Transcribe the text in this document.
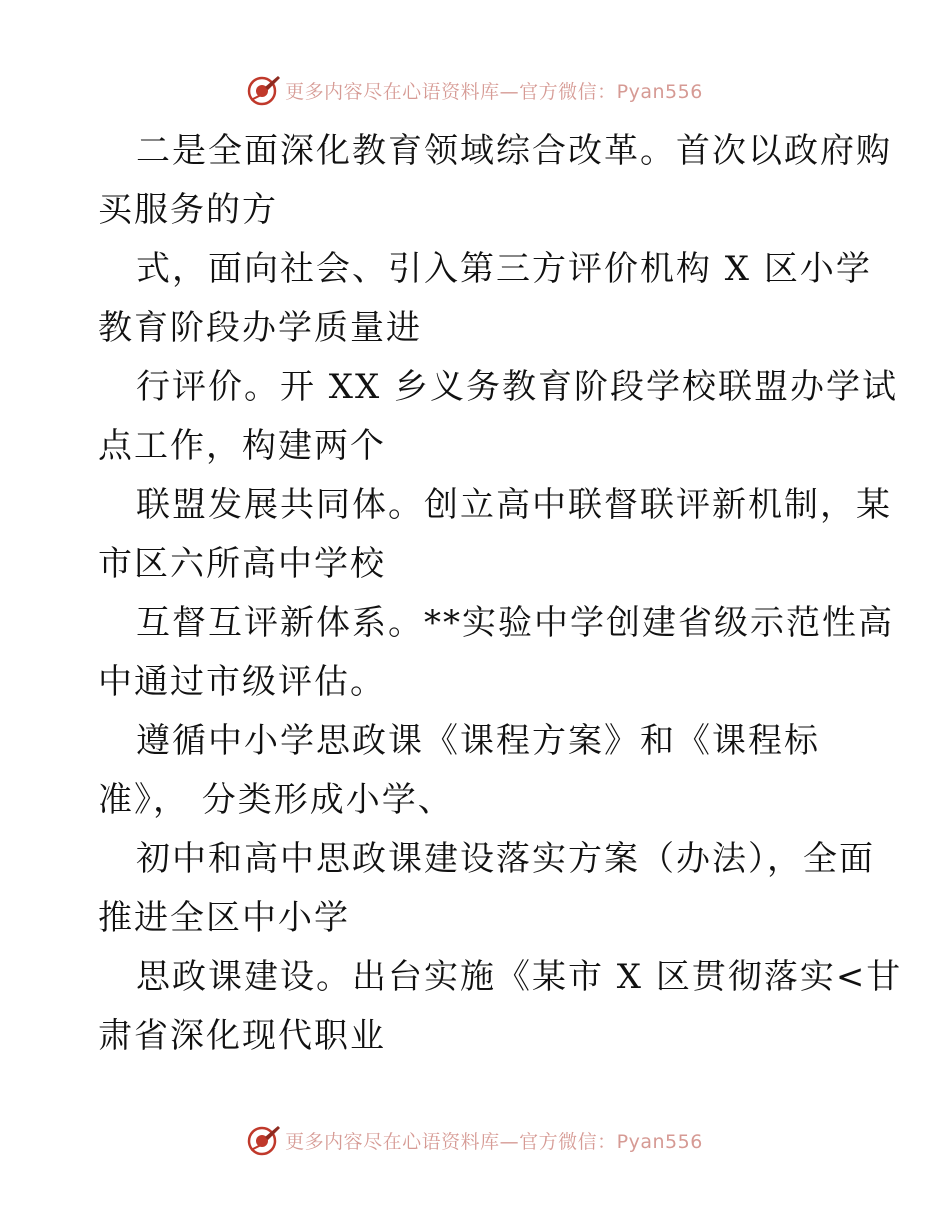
更多内容尽在心语资料库—官方微信：Pyan556
二是全面深化教育领域综合改革。首次以政府购
买服务的方
式，面向社会、引入第三方评价机构 X 区小学
教育阶段办学质量进
行评价。开 XX 乡义务教育阶段学校联盟办学试
点工作，构建两个
联盟发展共同体。创立高中联督联评新机制，某
市区六所高中学校
互督互评新体系。**实验中学创建省级示范性高
中通过市级评估。
遵循中小学思政课《课程方案》和《课程标
准》， 分类形成小学、
初中和高中思政课建设落实方案（办法），全面
推进全区中小学
思政课建设。出台实施《某市 X 区贯彻落实<甘
肃省深化现代职业
更多内容尽在心语资料库—官方微信：Pyan556
